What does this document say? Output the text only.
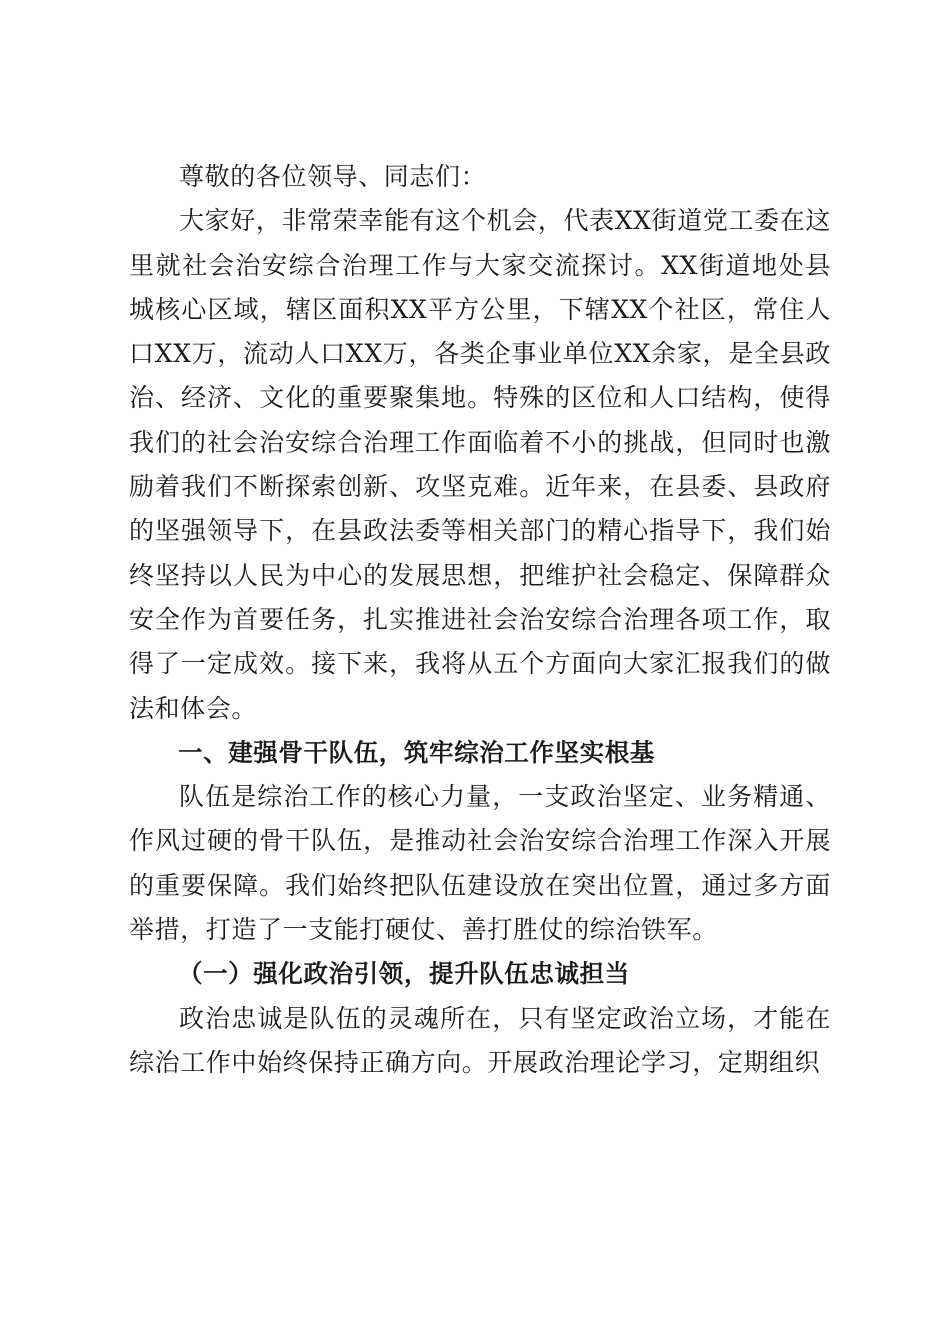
尊敬的各位领导、同志们：

大家好，非常荣幸能有这个机会，代表XX街道党工委在这里就社会治安综合治理工作与大家交流探讨。XX街道地处县城核心区域，辖区面积XX平方公里，下辖XX个社区，常住人口XX万，流动人口XX万，各类企事业单位XX余家，是全县政治、经济、文化的重要聚集地。特殊的区位和人口结构，使得我们的社会治安综合治理工作面临着不小的挑战，但同时也激励着我们不断探索创新、攻坚克难。近年来，在县委、县政府的坚强领导下，在县政法委等相关部门的精心指导下，我们始终坚持以人民为中心的发展思想，把维护社会稳定、保障群众安全作为首要任务，扎实推进社会治安综合治理各项工作，取得了一定成效。接下来，我将从五个方面向大家汇报我们的做法和体会。

一、建强骨干队伍，筑牢综治工作坚实根基

队伍是综治工作的核心力量，一支政治坚定、业务精通、作风过硬的骨干队伍，是推动社会治安综合治理工作深入开展的重要保障。我们始终把队伍建设放在突出位置，通过多方面举措，打造了一支能打硬仗、善打胜仗的综治铁军。

（一）强化政治引领，提升队伍忠诚担当

政治忠诚是队伍的灵魂所在，只有坚定政治立场，才能在综治工作中始终保持正确方向。开展政治理论学习，定期组织
